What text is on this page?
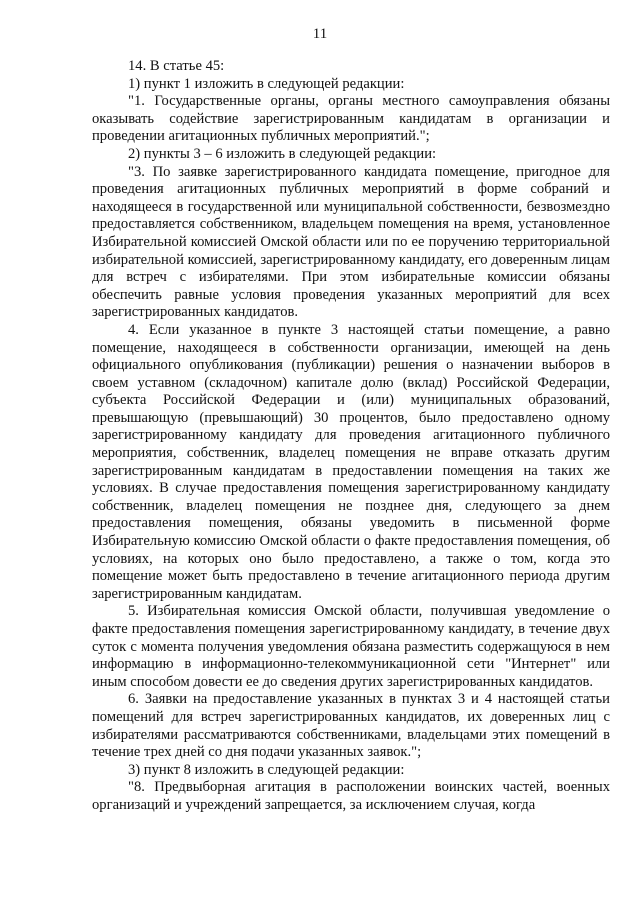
11

14. В статье 45:

1) пункт 1 изложить в следующей редакции:

"1. Государственные органы, органы местного самоуправления обязаны оказывать содействие зарегистрированным кандидатам в организации и проведении агитационных публичных мероприятий.";

2) пункты 3 – 6 изложить в следующей редакции:

"3. По заявке зарегистрированного кандидата помещение, пригодное для проведения агитационных публичных мероприятий в форме собраний и находящееся в государственной или муниципальной собственности, безвозмездно предоставляется собственником, владельцем помещения на время, установленное Избирательной комиссией Омской области или по ее поручению территориальной избирательной комиссией, зарегистрированному кандидату, его доверенным лицам для встреч с избирателями. При этом избирательные комиссии обязаны обеспечить равные условия проведения указанных мероприятий для всех зарегистрированных кандидатов.

4. Если указанное в пункте 3 настоящей статьи помещение, а равно помещение, находящееся в собственности организации, имеющей на день официального опубликования (публикации) решения о назначении выборов в своем уставном (складочном) капитале долю (вклад) Российской Федерации, субъекта Российской Федерации и (или) муниципальных образований, превышающую (превышающий) 30 процентов, было предоставлено одному зарегистрированному кандидату для проведения агитационного публичного мероприятия, собственник, владелец помещения не вправе отказать другим зарегистрированным кандидатам в предоставлении помещения на таких же условиях. В случае предоставления помещения зарегистрированному кандидату собственник, владелец помещения не позднее дня, следующего за днем предоставления помещения, обязаны уведомить в письменной форме Избирательную комиссию Омской области о факте предоставления помещения, об условиях, на которых оно было предоставлено, а также о том, когда это помещение может быть предоставлено в течение агитационного периода другим зарегистрированным кандидатам.

5. Избирательная комиссия Омской области, получившая уведомление о факте предоставления помещения зарегистрированному кандидату, в течение двух суток с момента получения уведомления обязана разместить содержащуюся в нем информацию в информационно-телекоммуникационной сети "Интернет" или иным способом довести ее до сведения других зарегистрированных кандидатов.

6. Заявки на предоставление указанных в пунктах 3 и 4 настоящей статьи помещений для встреч зарегистрированных кандидатов, их доверенных лиц с избирателями рассматриваются собственниками, владельцами этих помещений в течение трех дней со дня подачи указанных заявок.";

3) пункт 8 изложить в следующей редакции:

"8. Предвыборная агитация в расположении воинских частей, военных организаций и учреждений запрещается, за исключением случая, когда
